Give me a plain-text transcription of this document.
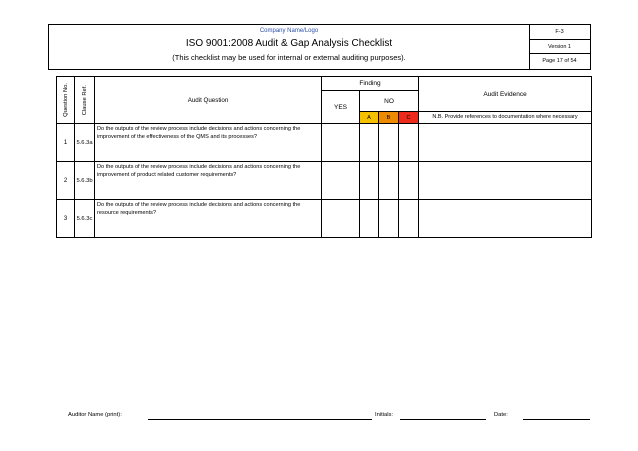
Company Name/Logo
ISO 9001:2008 Audit & Gap Analysis Checklist
(This checklist may be used for internal or external auditing purposes).
F-3
Version 1
Page 17 of 54
Question No.	Clause Ref.	Audit Question	Finding				Audit Evidence
			YES	NO			
				A	B	C	N.B. Provide references to documentation where necessary
1	5.6.3a	Do the outputs of the review process include decisions and actions concerning the improvement of the effectiveness of the QMS and its processes?					
2	5.6.3b	Do the outputs of the review process include decisions and actions concerning the improvement of product related customer requirements?					
3	5.6.3c	Do the outputs of the review process include decisions and actions concerning the resource requirements?					
Auditor Name (print):	Initials:	Date:
